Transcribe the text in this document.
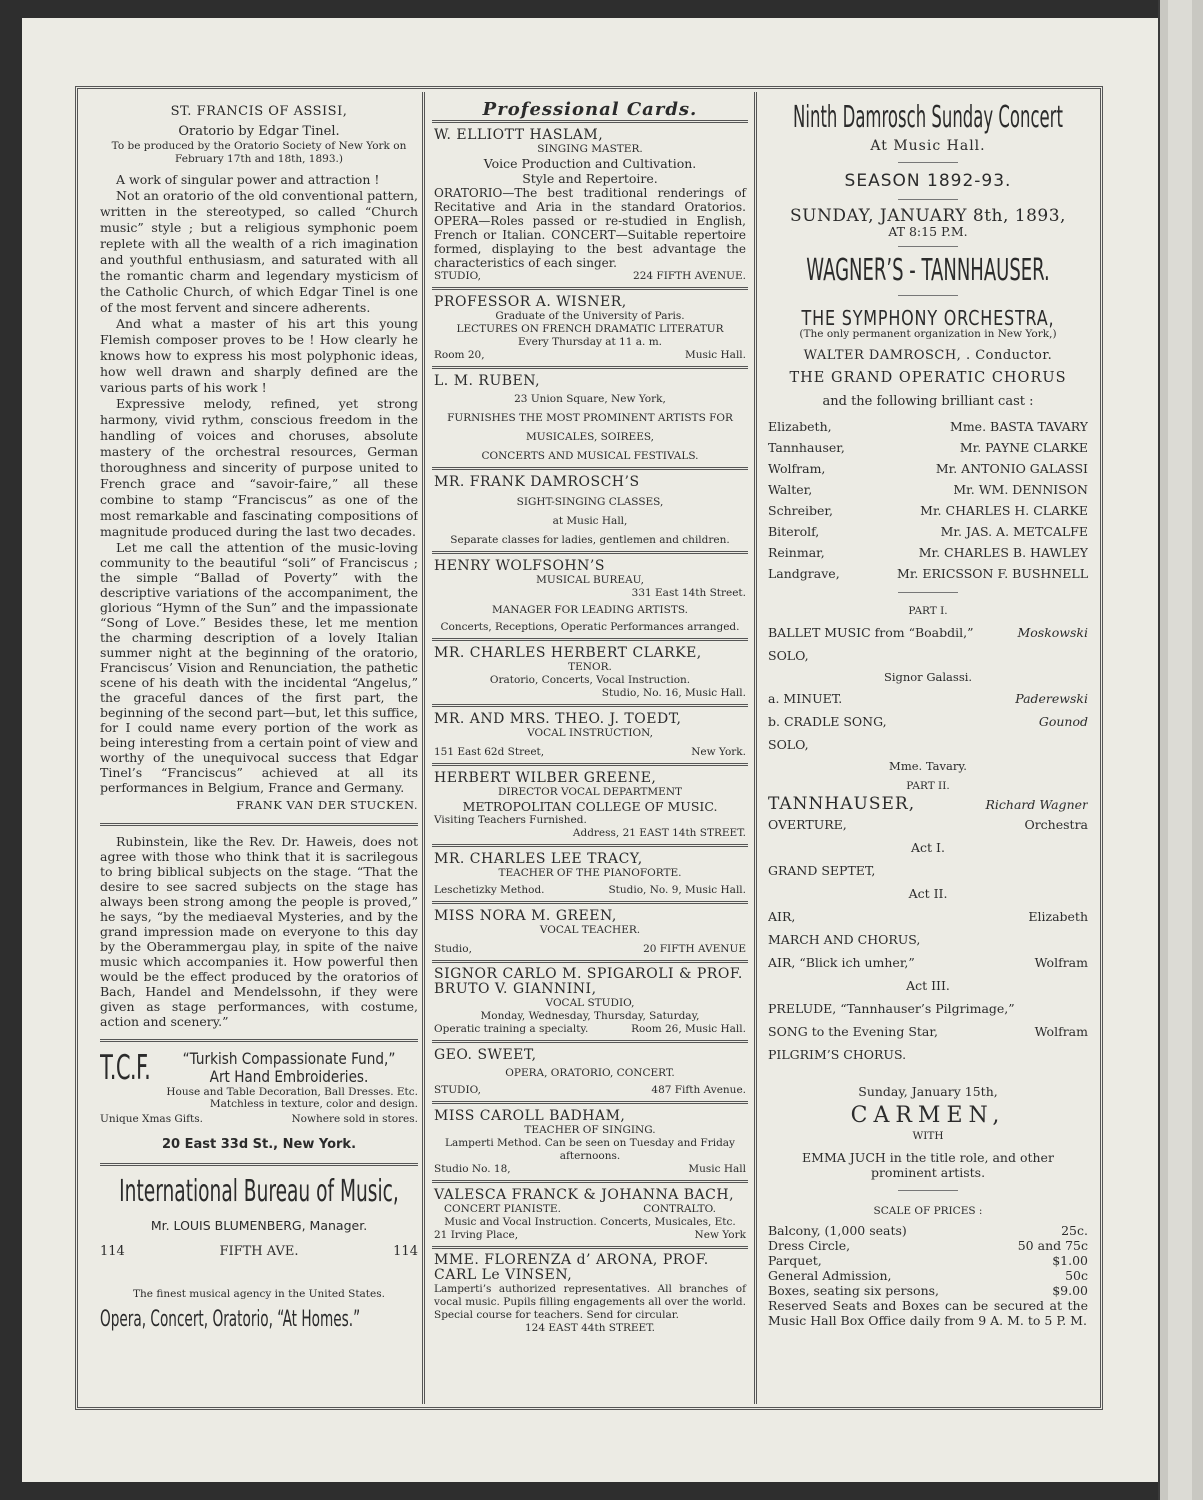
ST. FRANCIS OF ASSISI,
Oratorio by Edgar Tinel.
To be produced by the Oratorio Society of New York on February 17th and 18th, 1893.)

A work of singular power and attraction !

Not an oratorio of the old conventional pattern, written in the stereotyped, so called “Church music” style ; but a religious symphonic poem replete with all the wealth of a rich imagination and youthful enthusiasm, and saturated with all the romantic charm and legendary mysticism of the Catholic Church, of which Edgar Tinel is one of the most fervent and sincere adherents.

And what a master of his art this young Flemish composer proves to be ! How clearly he knows how to express his most polyphonic ideas, how well drawn and sharply defined are the various parts of his work !

Expressive melody, refined, yet strong harmony, vivid rythm, conscious freedom in the handling of voices and choruses, absolute mastery of the orchestral resources, German thoroughness and sincerity of purpose united to French grace and “savoir-faire,” all these combine to stamp “Franciscus” as one of the most remarkable and fascinating compositions of magnitude produced during the last two decades.

Let me call the attention of the music-loving community to the beautiful “soli” of Franciscus ; the simple “Ballad of Poverty” with the descriptive variations of the accompaniment, the glorious “Hymn of the Sun” and the impassionate “Song of Love.” Besides these, let me mention the charming description of a lovely Italian summer night at the beginning of the oratorio, Franciscus’ Vision and Renunciation, the pathetic scene of his death with the incidental “Angelus,” the graceful dances of the first part, the beginning of the second part—but, let this suffice, for I could name every portion of the work as being interesting from a certain point of view and worthy of the unequivocal success that Edgar Tinel’s “Franciscus” achieved at all its performances in Belgium, France and Germany.

FRANK VAN DER STUCKEN.

Rubinstein, like the Rev. Dr. Haweis, does not agree with those who think that it is sacrilegous to bring biblical subjects on the stage. “That the desire to see sacred subjects on the stage has always been strong among the people is proved,” he says, “by the mediaeval Mysteries, and by the grand impression made on everyone to this day by the Oberammergau play, in spite of the naive music which accompanies it. How powerful then would be the effect produced by the oratorios of Bach, Handel and Mendelssohn, if they were given as stage performances, with costume, action and scenery.”

T.C.F. “Turkish Compassionate Fund,”
Art Hand Embroideries.
House and Table Decoration, Ball Dresses. Etc. Matchless in texture, color and design.
Unique Xmas Gifts.	Nowhere sold in stores.
20 East 33d St., New York.
International Bureau of Music,
Mr. LOUIS BLUMENBERG, Manager.
114	FIFTH AVE.	114
The finest musical agency in the United States.
Opera, Concert, Oratorio, “At Homes.”
Professional Cards.
W. ELLIOTT HASLAM,
SINGING MASTER.
Voice Production and Cultivation.
Style and Repertoire.
ORATORIO—The best traditional renderings of Recitative and Aria in the standard Oratorios. OPERA—Roles passed or re-studied in English, French or Italian. CONCERT—Suitable repertoire formed, displaying to the best advantage the characteristics of each singer.
STUDIO,	224 FIFTH AVENUE.
PROFESSOR A. WISNER,
Graduate of the University of Paris.
LECTURES ON FRENCH DRAMATIC LITERATUR
Every Thursday at 11 a. m.
Room 20,	Music Hall.
L. M. RUBEN,
23 Union Square, New York,
FURNISHES THE MOST PROMINENT ARTISTS FOR
MUSICALES, SOIREES,
CONCERTS AND MUSICAL FESTIVALS.
MR. FRANK DAMROSCH’S
SIGHT-SINGING CLASSES,
at Music Hall,
Separate classes for ladies, gentlemen and children.
HENRY WOLFSOHN’S
MUSICAL BUREAU,
331 East 14th Street.
MANAGER FOR LEADING ARTISTS.
Concerts, Receptions, Operatic Performances arranged.
MR. CHARLES HERBERT CLARKE,
TENOR.
Oratorio, Concerts, Vocal Instruction.
Studio, No. 16, Music Hall.
MR. AND MRS. THEO. J. TOEDT,
VOCAL INSTRUCTION,
151 East 62d Street,	New York.
HERBERT WILBER GREENE,
DIRECTOR VOCAL DEPARTMENT
METROPOLITAN COLLEGE OF MUSIC.
Visiting Teachers Furnished.
Address, 21 EAST 14th STREET.
MR. CHARLES LEE TRACY,
TEACHER OF THE PIANOFORTE.
Leschetizky Method.	Studio, No. 9, Music Hall.
MISS NORA M. GREEN,
VOCAL TEACHER.
Studio,	20 FIFTH AVENUE
SIGNOR CARLO M. SPIGAROLI & PROF. BRUTO V. GIANNINI,
VOCAL STUDIO,
Monday, Wednesday, Thursday, Saturday,
Operatic training a specialty.	Room 26, Music Hall.
GEO. SWEET,
OPERA, ORATORIO, CONCERT.
STUDIO,	487 Fifth Avenue.
MISS CAROLL BADHAM,
TEACHER OF SINGING.
Lamperti Method. Can be seen on Tuesday and Friday afternoons.
Studio No. 18,	Music Hall
VALESCA FRANCK & JOHANNA BACH,
CONCERT PIANISTE.	CONTRALTO.
Music and Vocal Instruction. Concerts, Musicales, Etc.
21 Irving Place,	New York
MME. FLORENZA d’ ARONA, PROF. CARL Le VINSEN,
Lamperti’s authorized representatives. All branches of vocal music. Pupils filling engagements all over the world. Special course for teachers. Send for circular.
124 EAST 44th STREET.
Ninth Damrosch Sunday Concert
At Music Hall.
SEASON 1892-93.
SUNDAY, JANUARY 8th, 1893,
AT 8:15 P.M.
WAGNER’S - TANNHAUSER.
THE SYMPHONY ORCHESTRA,
(The only permanent organization in New York,)
WALTER DAMROSCH, . Conductor.
THE GRAND OPERATIC CHORUS
and the following brilliant cast :
Elizabeth,	Mme. BASTA TAVARY
Tannhauser,	Mr. PAYNE CLARKE
Wolfram,	Mr. ANTONIO GALASSI
Walter,	Mr. WM. DENNISON
Schreiber,	Mr. CHARLES H. CLARKE
Biterolf,	Mr. JAS. A. METCALFE
Reinmar,	Mr. CHARLES B. HAWLEY
Landgrave,	Mr. ERICSSON F. BUSHNELL
PART I.
BALLET MUSIC from “Boabdil,”	Moskowski
SOLO,
Signor Galassi.
a. MINUET.	Paderewski
b. CRADLE SONG,	Gounod
SOLO,
Mme. Tavary.
PART II.
TANNHAUSER,	Richard Wagner
OVERTURE,	Orchestra
Act I.
GRAND SEPTET,
Act II.
AIR,	Elizabeth
MARCH AND CHORUS,
AIR, “Blick ich umher,”	Wolfram
Act III.
PRELUDE, “Tannhauser’s Pilgrimage,”
SONG to the Evening Star,	Wolfram
PILGRIM’S CHORUS.
Sunday, January 15th,
CARMEN,
WITH
EMMA JUCH in the title role, and other prominent artists.
SCALE OF PRICES :
Balcony, (1,000 seats)	25c.
Dress Circle,	50 and 75c
Parquet,	$1.00
General Admission,	50c
Boxes, seating six persons,	$9.00
Reserved Seats and Boxes can be secured at the Music Hall Box Office daily from 9 A. M. to 5 P. M.
